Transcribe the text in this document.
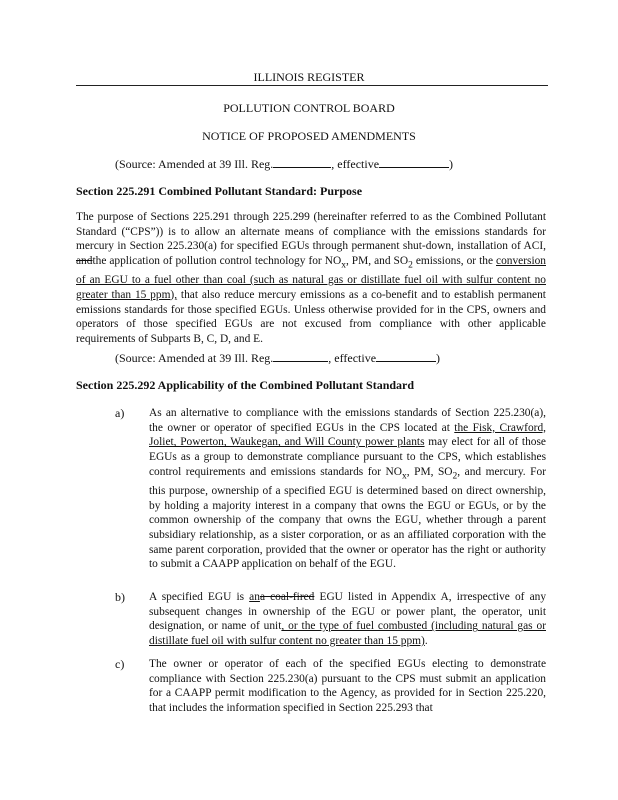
ILLINOIS REGISTER
POLLUTION CONTROL BOARD
NOTICE OF PROPOSED AMENDMENTS
(Source: Amended at 39 Ill. Reg.	, effective	)
Section 225.291 Combined Pollutant Standard: Purpose
The purpose of Sections 225.291 through 225.299 (hereinafter referred to as the Combined Pollutant Standard (“CPS”)) is to allow an alternate means of compliance with the emissions standards for mercury in Section 225.230(a) for specified EGUs through permanent shut-down, installation of ACI, andthe application of pollution control technology for $NO_x$, PM, and $SO_2$ emissions, or the conversion of an EGU to a fuel other than coal (such as natural gas or distillate fuel oil with sulfur content no greater than 15 ppm), that also reduce mercury emissions as a co-benefit and to establish permanent emissions standards for those specified EGUs. Unless otherwise provided for in the CPS, owners and operators of those specified EGUs are not excused from compliance with other applicable requirements of Subparts B, C, D, and E.
(Source: Amended at 39 Ill. Reg.	, effective	)
Section 225.292 Applicability of the Combined Pollutant Standard
a) As an alternative to compliance with the emissions standards of Section 225.230(a), the owner or operator of specified EGUs in the CPS located at the Fisk, Crawford, Joliet, Powerton, Waukegan, and Will County power plants may elect for all of those EGUs as a group to demonstrate compliance pursuant to the CPS, which establishes control requirements and emissions standards for $NO_x$, PM, $SO_2$, and mercury. For this purpose, ownership of a specified EGU is determined based on direct ownership, by holding a majority interest in a company that owns the EGU or EGUs, or by the common ownership of the company that owns the EGU, whether through a parent subsidiary relationship, as a sister corporation, or as an affiliated corporation with the same parent corporation, provided that the owner or operator has the right or authority to submit a CAAPP application on behalf of the EGU.
b) A specified EGU is ana coal-fired EGU listed in Appendix A, irrespective of any subsequent changes in ownership of the EGU or power plant, the operator, unit designation, or name of unit, or the type of fuel combusted (including natural gas or distillate fuel oil with sulfur content no greater than 15 ppm).
c) The owner or operator of each of the specified EGUs electing to demonstrate compliance with Section 225.230(a) pursuant to the CPS must submit an application for a CAAPP permit modification to the Agency, as provided for in Section 225.220, that includes the information specified in Section 225.293 that
